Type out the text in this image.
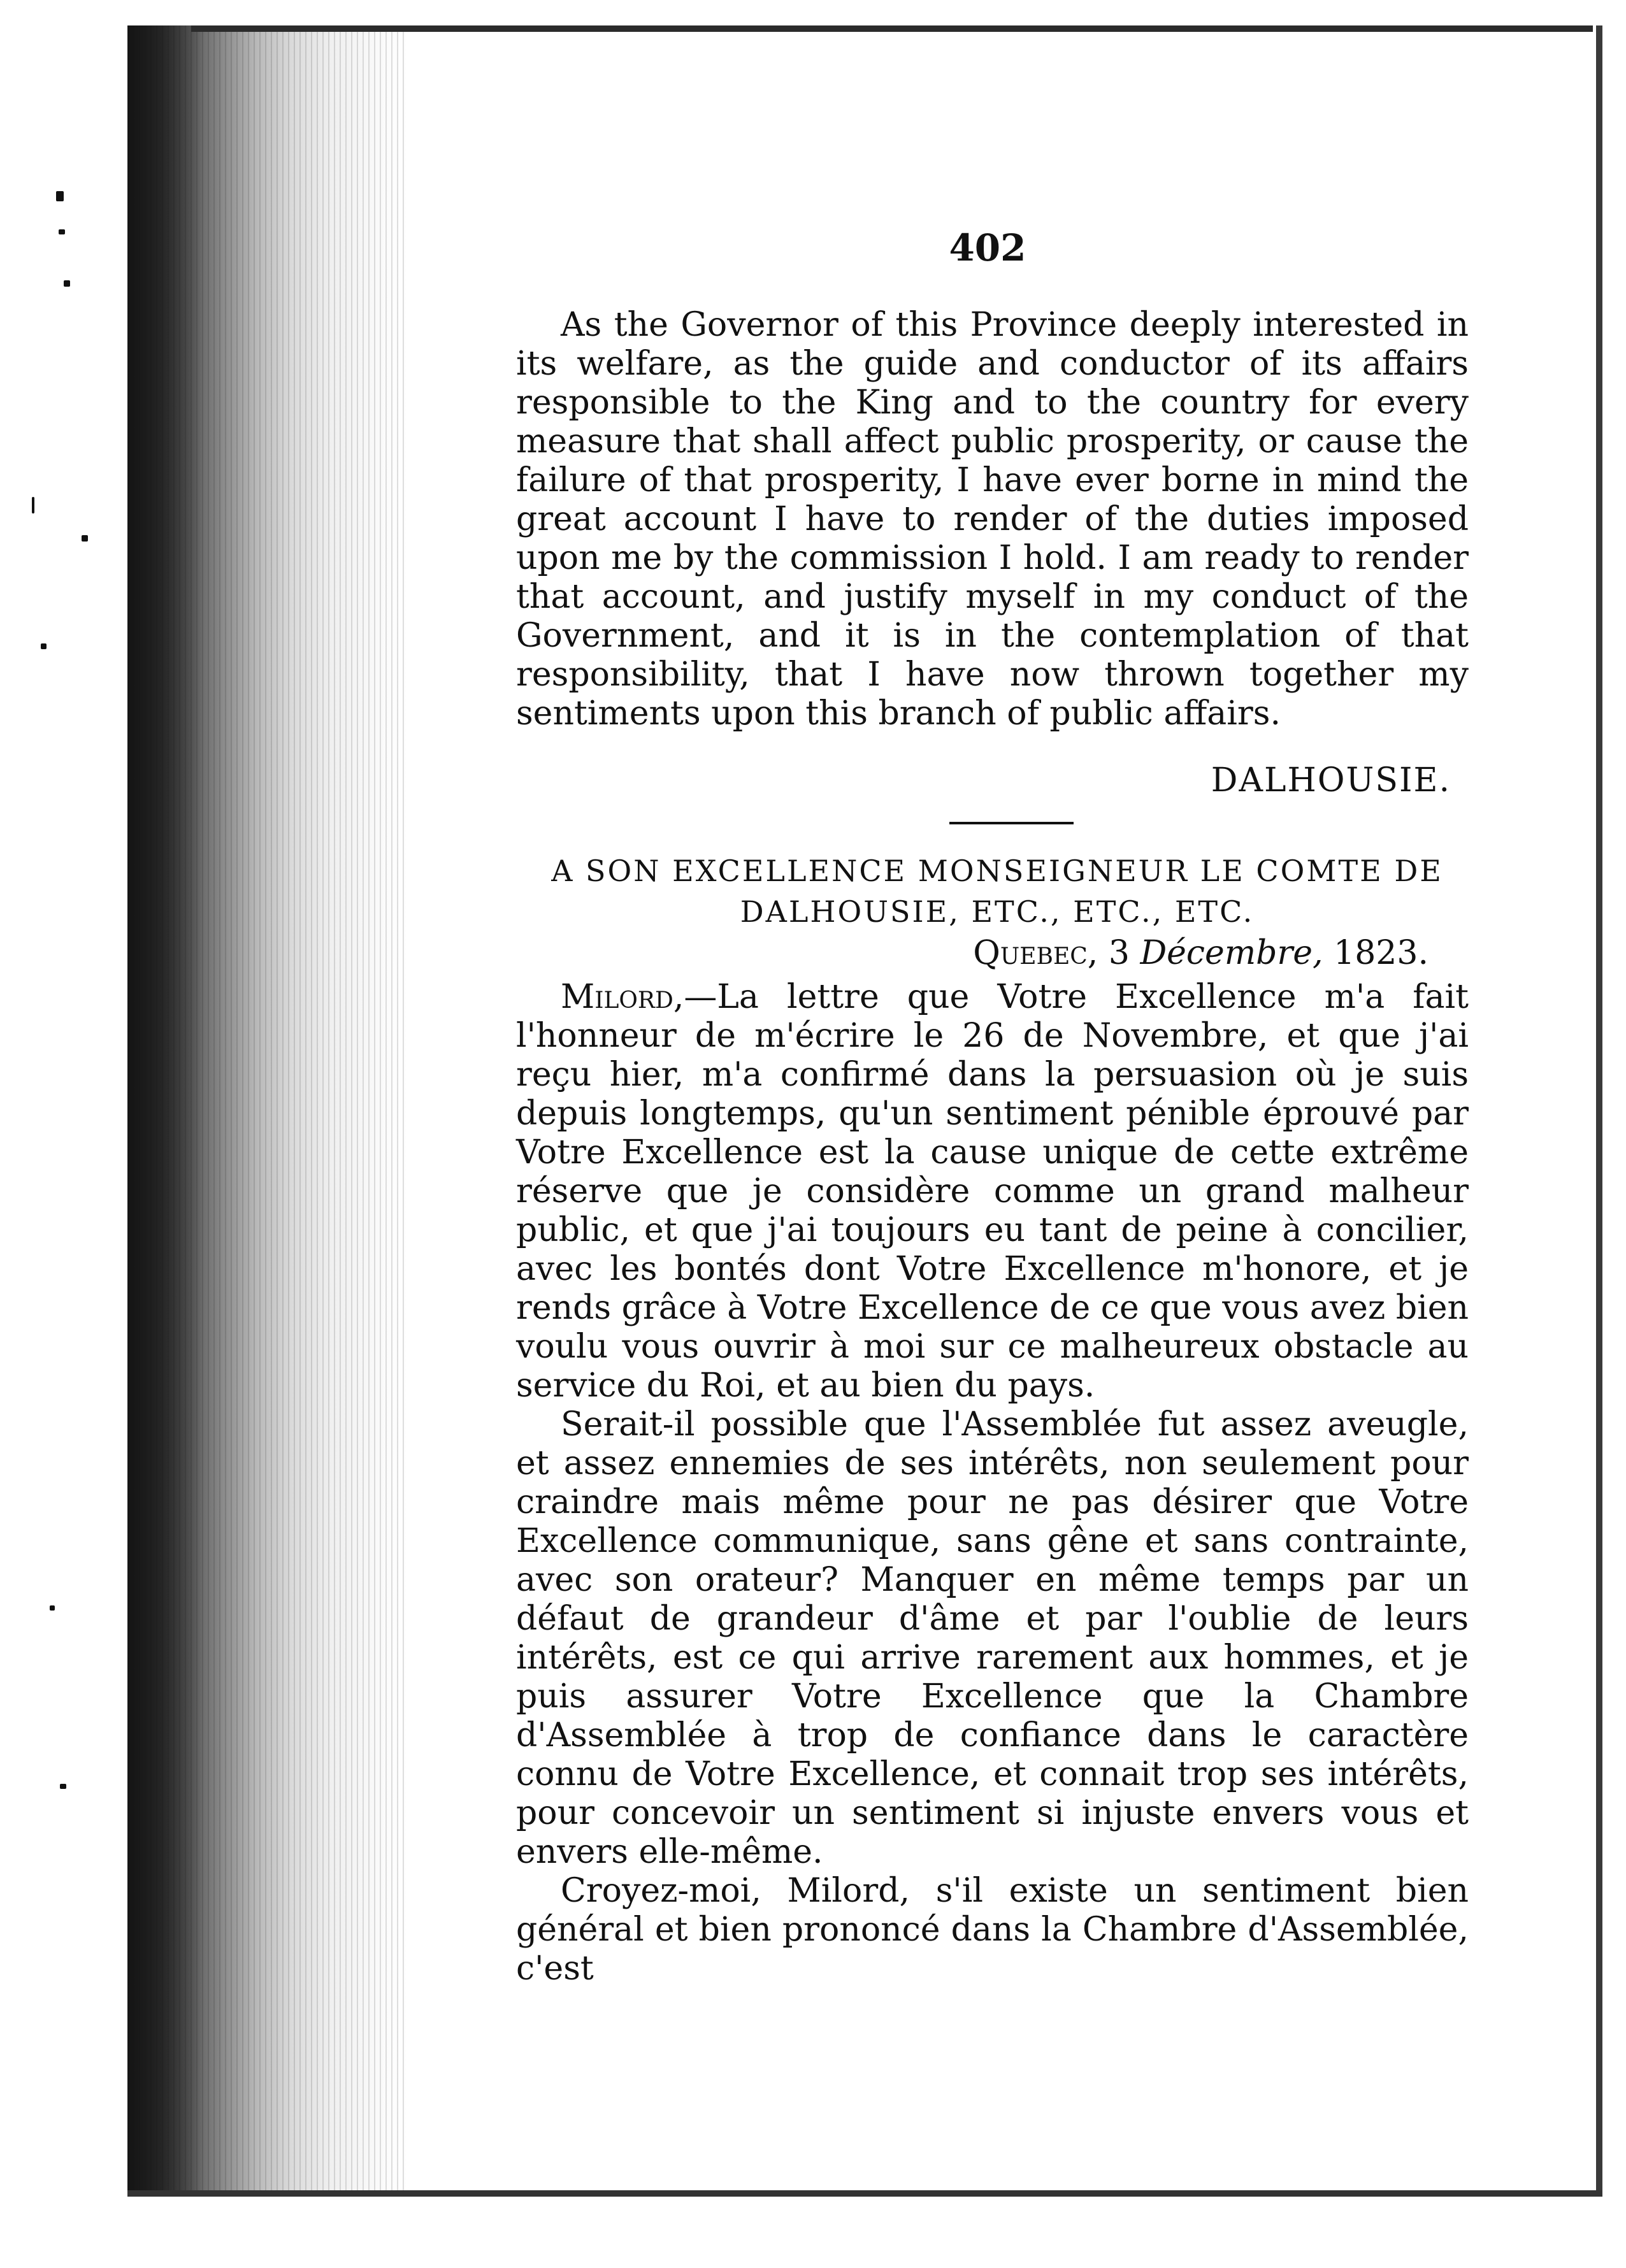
402

As the Governor of this Province deeply interested in its welfare, as the guide and conductor of its affairs responsible to the King and to the country for every measure that shall affect public prosperity, or cause the failure of that prosperity, I have ever borne in mind the great account I have to render of the duties imposed upon me by the commission I hold. I am ready to render that account, and justify myself in my conduct of the Government, and it is in the contemplation of that responsibility, that I have now thrown together my sentiments upon this branch of public affairs.

DALHOUSIE.
A SON EXCELLENCE MONSEIGNEUR LE COMTE DE
DALHOUSIE, ETC., ETC., ETC.
Quebec, 3 Décembre, 1823.

Milord,—La lettre que Votre Excellence m'a fait l'honneur de m'écrire le 26 de Novembre, et que j'ai reçu hier, m'a confirmé dans la persuasion où je suis depuis longtemps, qu'un sentiment pénible éprouvé par Votre Excellence est la cause unique de cette extrême réserve que je considère comme un grand malheur public, et que j'ai toujours eu tant de peine à concilier, avec les bontés dont Votre Excellence m'honore, et je rends grâce à Votre Excellence de ce que vous avez bien voulu vous ouvrir à moi sur ce malheureux obstacle au service du Roi, et au bien du pays.

Serait-il possible que l'Assemblée fut assez aveugle, et assez ennemies de ses intérêts, non seulement pour craindre mais même pour ne pas désirer que Votre Excellence communique, sans gêne et sans contrainte, avec son orateur? Manquer en même temps par un défaut de grandeur d'âme et par l'oublie de leurs intérêts, est ce qui arrive rarement aux hommes, et je puis assurer Votre Excellence que la Chambre d'Assemblée à trop de confiance dans le caractère connu de Votre Excellence, et connait trop ses intérêts, pour concevoir un sentiment si injuste envers vous et envers elle-même.

Croyez-moi, Milord, s'il existe un sentiment bien général et bien prononcé dans la Chambre d'Assemblée, c'est
